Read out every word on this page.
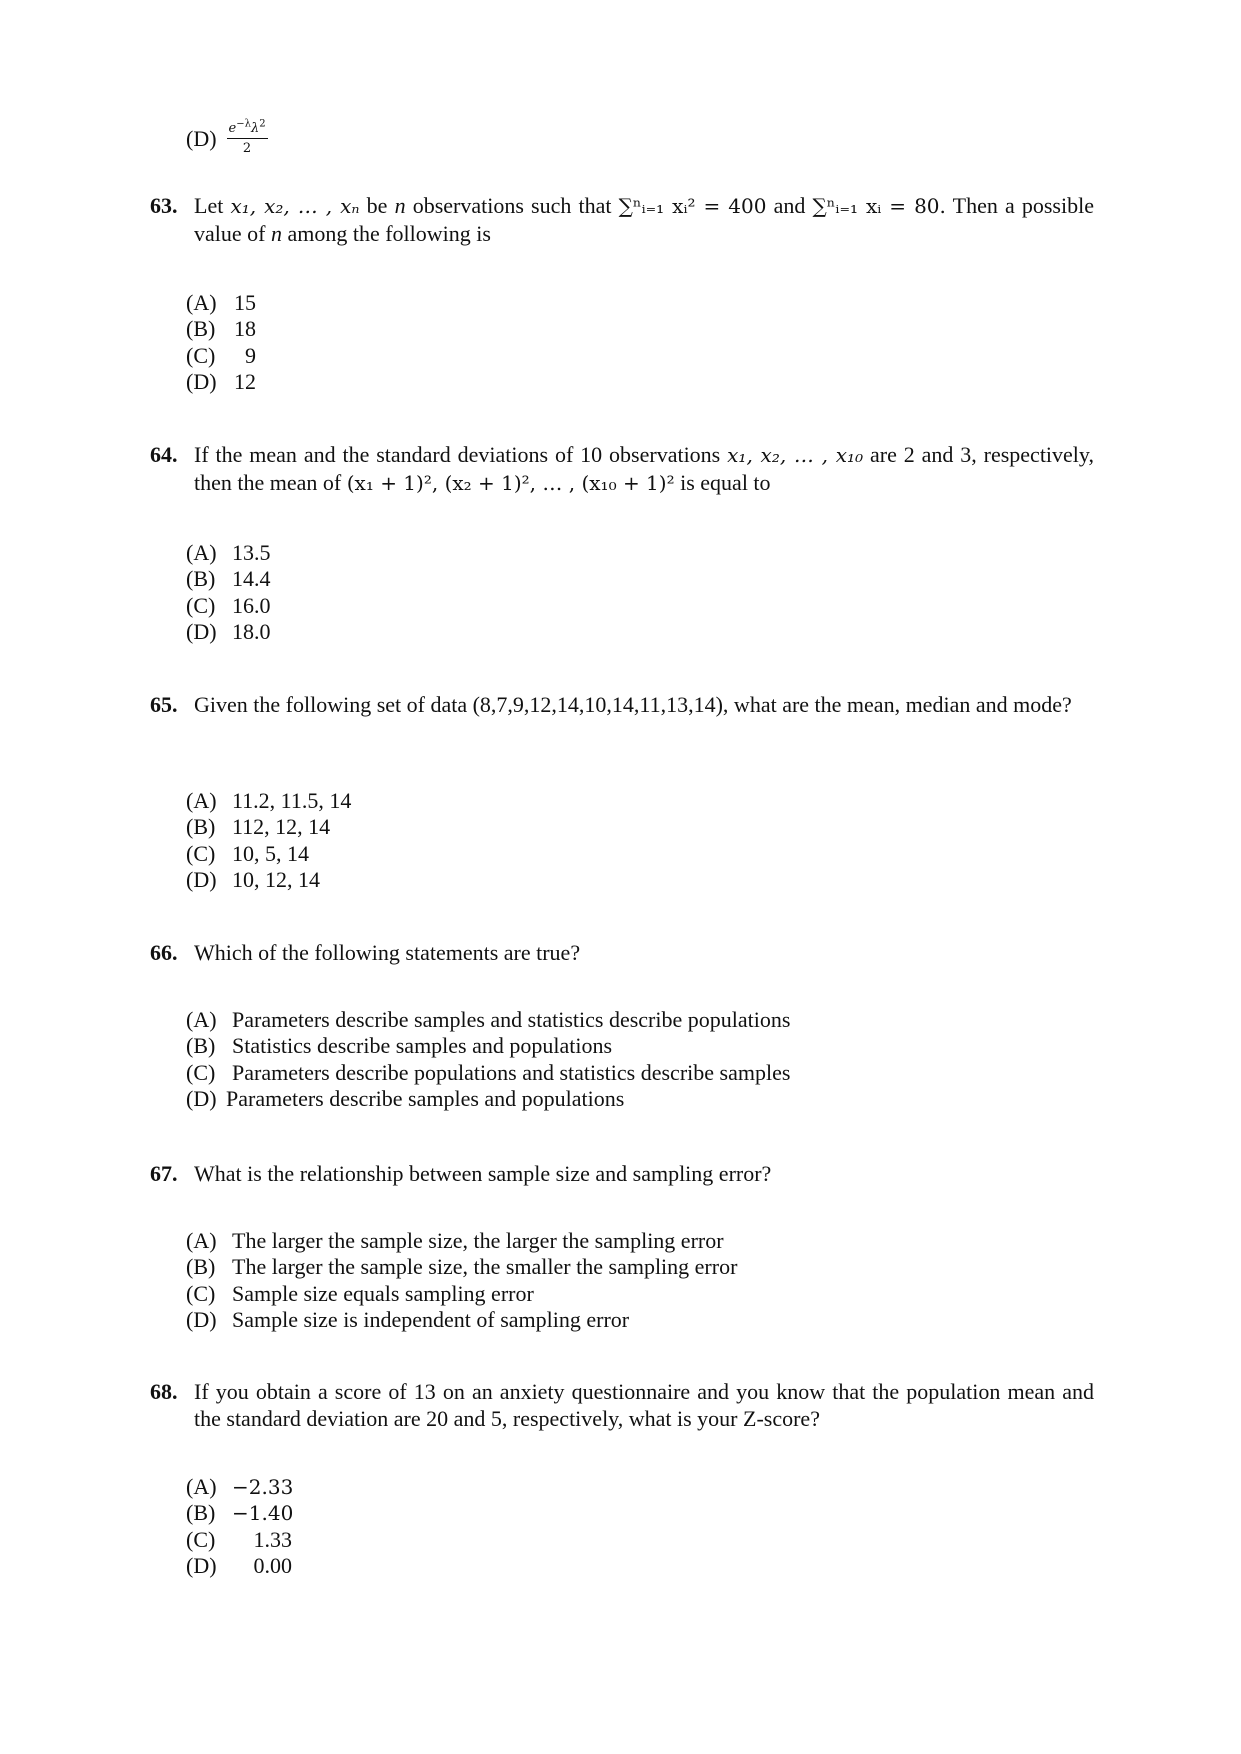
$(D) \frac{e^{-\lambda}\lambda^2}{2}$
63. Let x₁, x₂, … , xₙ be n observations such that ∑ⁿᵢ₌₁ xᵢ² = 400 and ∑ⁿᵢ₌₁ xᵢ = 80. Then a possible value of n among the following is
(A) 15
(B) 18
(C)	9
(D) 12
64. If the mean and the standard deviations of 10 observations x₁, x₂, … , x₁₀ are 2 and 3, respectively, then the mean of (x₁ + 1)², (x₂ + 1)², … , (x₁₀ + 1)² is equal to
(A) 13.5
(B) 14.4
(C) 16.0
(D) 18.0
65. Given the following set of data (8,7,9,12,14,10,14,11,13,14), what are the mean, median and mode?
(A) 11.2, 11.5, 14
(B) 112, 12, 14
(C) 10, 5, 14
(D) 10, 12, 14
66. Which of the following statements are true?
(A) Parameters describe samples and statistics describe populations
(B) Statistics describe samples and populations
(C) Parameters describe populations and statistics describe samples
(D) Parameters describe samples and populations
67. What is the relationship between sample size and sampling error?
(A) The larger the sample size, the larger the sampling error
(B) The larger the sample size, the smaller the sampling error
(C) Sample size equals sampling error
(D) Sample size is independent of sampling error
68. If you obtain a score of 13 on an anxiety questionnaire and you know that the population mean and the standard deviation are 20 and 5, respectively, what is your Z-score?
(A) −2.33
(B) −1.40
(C)	1.33
(D)	0.00
